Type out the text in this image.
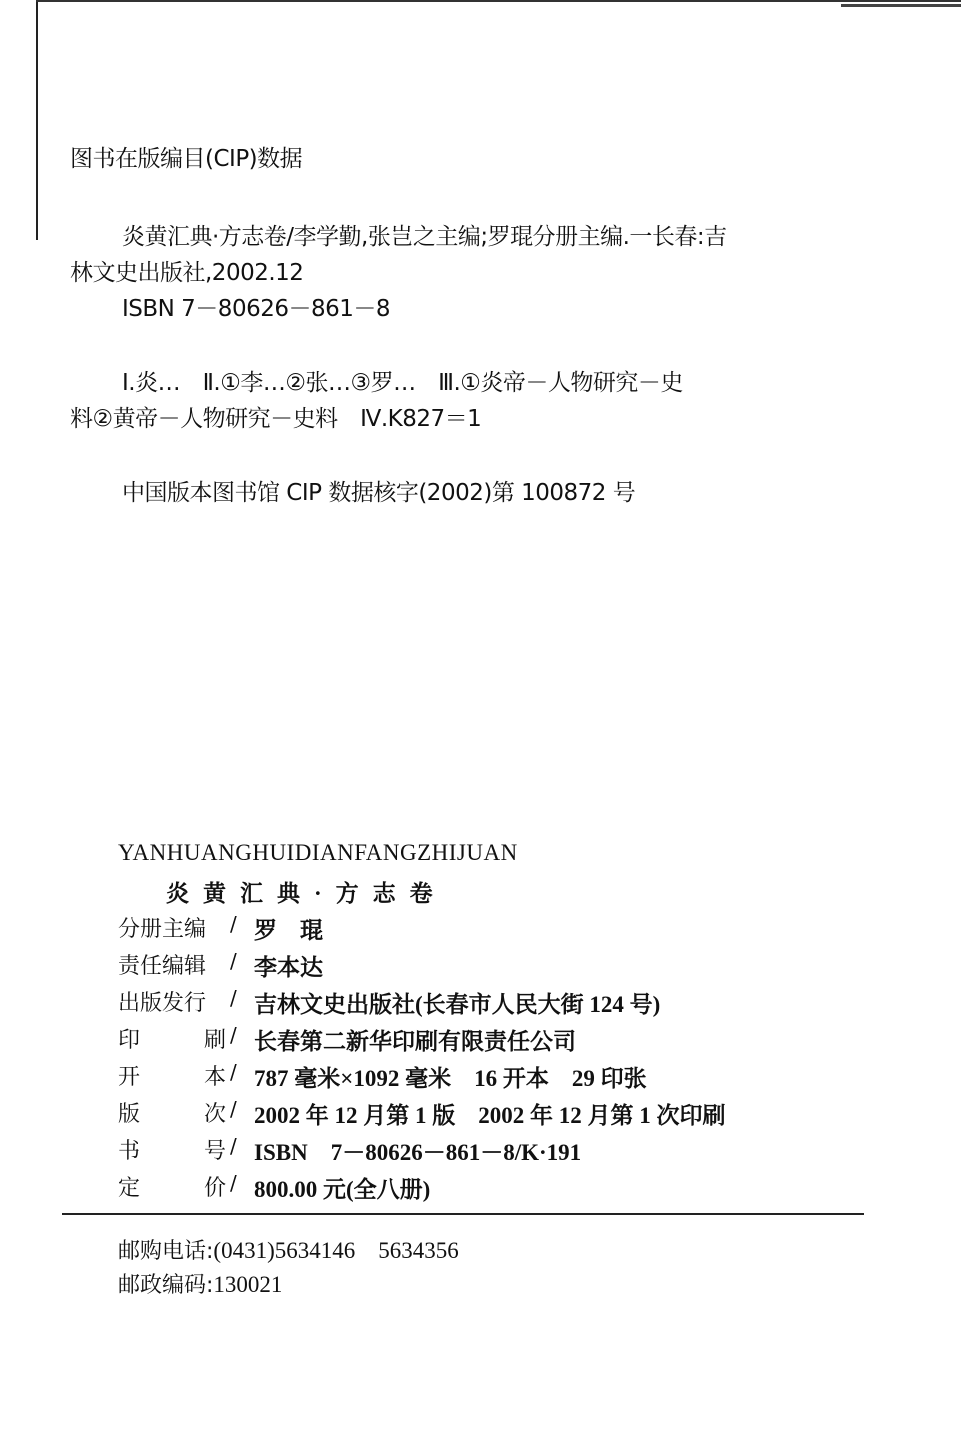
图书在版编目(CIP)数据
炎黄汇典·方志卷/李学勤,张岂之主编;罗琨分册主编.一长春:吉
林文史出版社,2002.12
ISBN 7－80626－861－8
Ⅰ.炎…　Ⅱ.①李…②张…③罗…　Ⅲ.①炎帝－人物研究－史
料②黄帝－人物研究－史料　Ⅳ.K827＝1
中国版本图书馆 CIP 数据核字(2002)第 100872 号
YANHUANGHUIDIANFANGZHIJUAN
炎黄汇典·方志卷
分册主编	/ 罗　琨
责任编辑	/ 李本达
出版发行	/ 吉林文史出版社(长春市人民大街 124 号)
印	刷 / 长春第二新华印刷有限责任公司
开	本 / 787 毫米×1092 毫米　16 开本　29 印张
版	次 / 2002 年 12 月第 1 版　2002 年 12 月第 1 次印刷
书	号 / ISBN　7－80626－861－8/K·191
定	价 / 800.00 元(全八册)
邮购电话:(0431)5634146　5634356
邮政编码:130021
